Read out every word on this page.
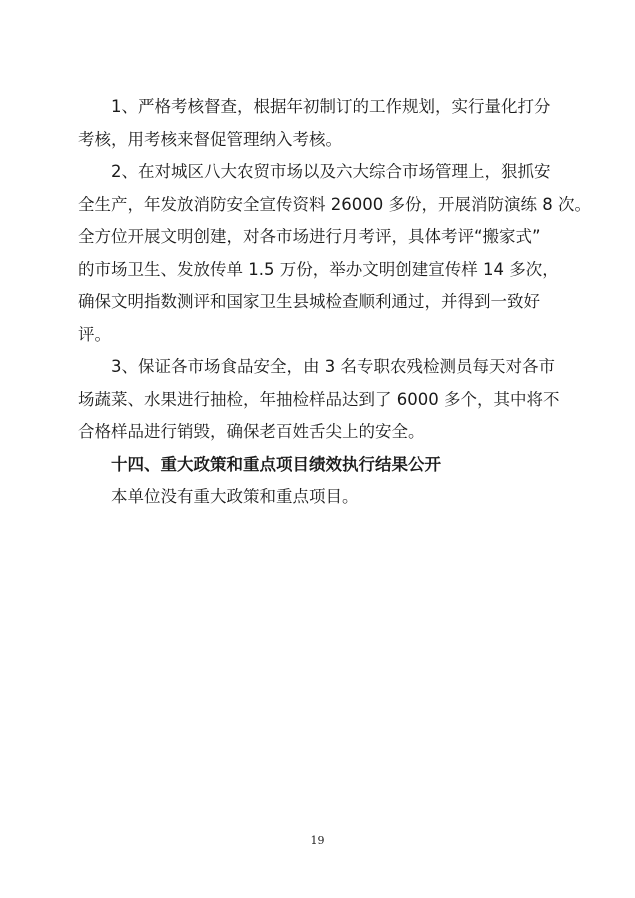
1、严格考核督查，根据年初制订的工作规划，实行量化打分
考核，用考核来督促管理纳入考核。

2、在对城区八大农贸市场以及六大综合市场管理上，狠抓安
全生产，年发放消防安全宣传资料 26000 多份，开展消防演练 8 次。
全方位开展文明创建，对各市场进行月考评，具体考评“搬家式”
的市场卫生、发放传单 1.5 万份，举办文明创建宣传样 14 多次，
确保文明指数测评和国家卫生县城检查顺利通过，并得到一致好
评。

3、保证各市场食品安全，由 3 名专职农残检测员每天对各市
场蔬菜、水果进行抽检，年抽检样品达到了 6000 多个，其中将不
合格样品进行销毁，确保老百姓舌尖上的安全。

十四、重大政策和重点项目绩效执行结果公开

本单位没有重大政策和重点项目。

19
